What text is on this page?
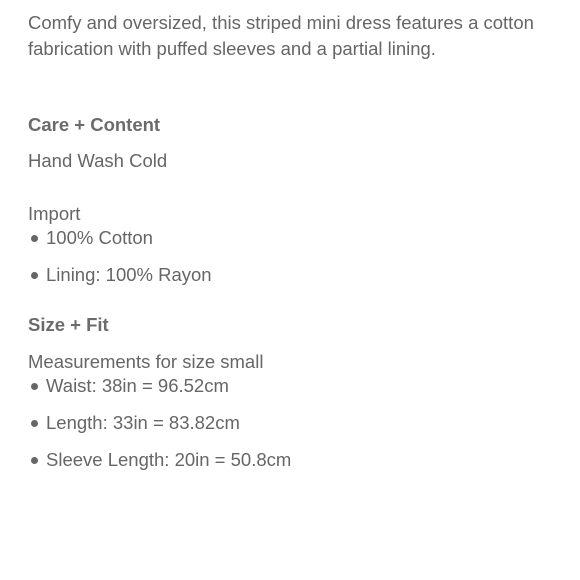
Comfy and oversized, this striped mini dress features a cotton fabrication with puffed sleeves and a partial lining.

Care + Content

Hand Wash Cold

Import

100% Cotton
Lining: 100% Rayon
Size + Fit

Measurements for size small

Waist: 38in = 96.52cm
Length: 33in = 83.82cm
Sleeve Length: 20in = 50.8cm
